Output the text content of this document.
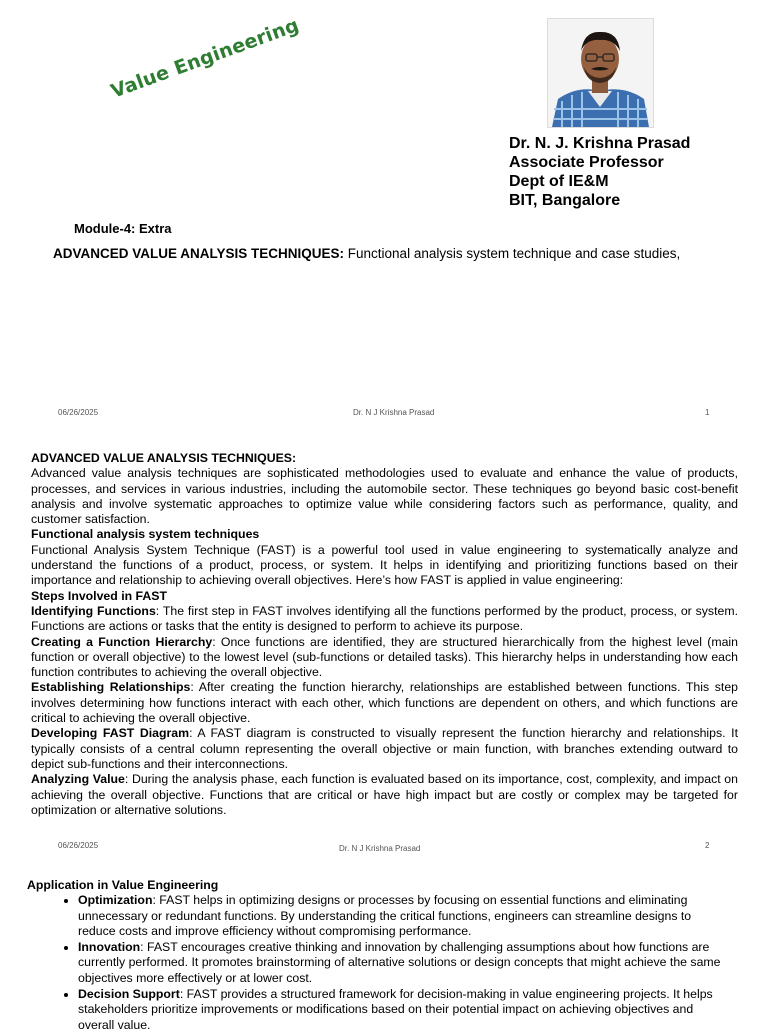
Value Engineering
Dr. N. J. Krishna Prasad
Associate Professor
Dept of IE&M
BIT, Bangalore
Module-4: Extra
ADVANCED VALUE ANALYSIS TECHNIQUES: Functional analysis system technique and case studies,
06/26/2025	Dr. N J Krishna Prasad	1

ADVANCED VALUE ANALYSIS TECHNIQUES:

Advanced value analysis techniques are sophisticated methodologies used to evaluate and enhance the value of products, processes, and services in various industries, including the automobile sector. These techniques go beyond basic cost-benefit analysis and involve systematic approaches to optimize value while considering factors such as performance, quality, and customer satisfaction.

Functional analysis system techniques

Functional Analysis System Technique (FAST) is a powerful tool used in value engineering to systematically analyze and understand the functions of a product, process, or system. It helps in identifying and prioritizing functions based on their importance and relationship to achieving overall objectives. Here’s how FAST is applied in value engineering:

Steps Involved in FAST

Identifying Functions: The first step in FAST involves identifying all the functions performed by the product, process, or system. Functions are actions or tasks that the entity is designed to perform to achieve its purpose.

Creating a Function Hierarchy: Once functions are identified, they are structured hierarchically from the highest level (main function or overall objective) to the lowest level (sub-functions or detailed tasks). This hierarchy helps in understanding how each function contributes to achieving the overall objective.

Establishing Relationships: After creating the function hierarchy, relationships are established between functions. This step involves determining how functions interact with each other, which functions are dependent on others, and which functions are critical to achieving the overall objective.

Developing FAST Diagram: A FAST diagram is constructed to visually represent the function hierarchy and relationships. It typically consists of a central column representing the overall objective or main function, with branches extending outward to depict sub-functions and their interconnections.

Analyzing Value: During the analysis phase, each function is evaluated based on its importance, cost, complexity, and impact on achieving the overall objective. Functions that are critical or have high impact but are costly or complex may be targeted for optimization or alternative solutions.

06/26/2025	Dr. N J Krishna Prasad	2
Application in Value Engineering
• Optimization: FAST helps in optimizing designs or processes by focusing on essential functions and eliminating unnecessary or redundant functions. By understanding the critical functions, engineers can streamline designs to reduce costs and improve efficiency without compromising performance.
• Innovation: FAST encourages creative thinking and innovation by challenging assumptions about how functions are currently performed. It promotes brainstorming of alternative solutions or design concepts that might achieve the same objectives more effectively or at lower cost.
• Decision Support: FAST provides a structured framework for decision-making in value engineering projects. It helps stakeholders prioritize improvements or modifications based on their potential impact on achieving objectives and overall value.
